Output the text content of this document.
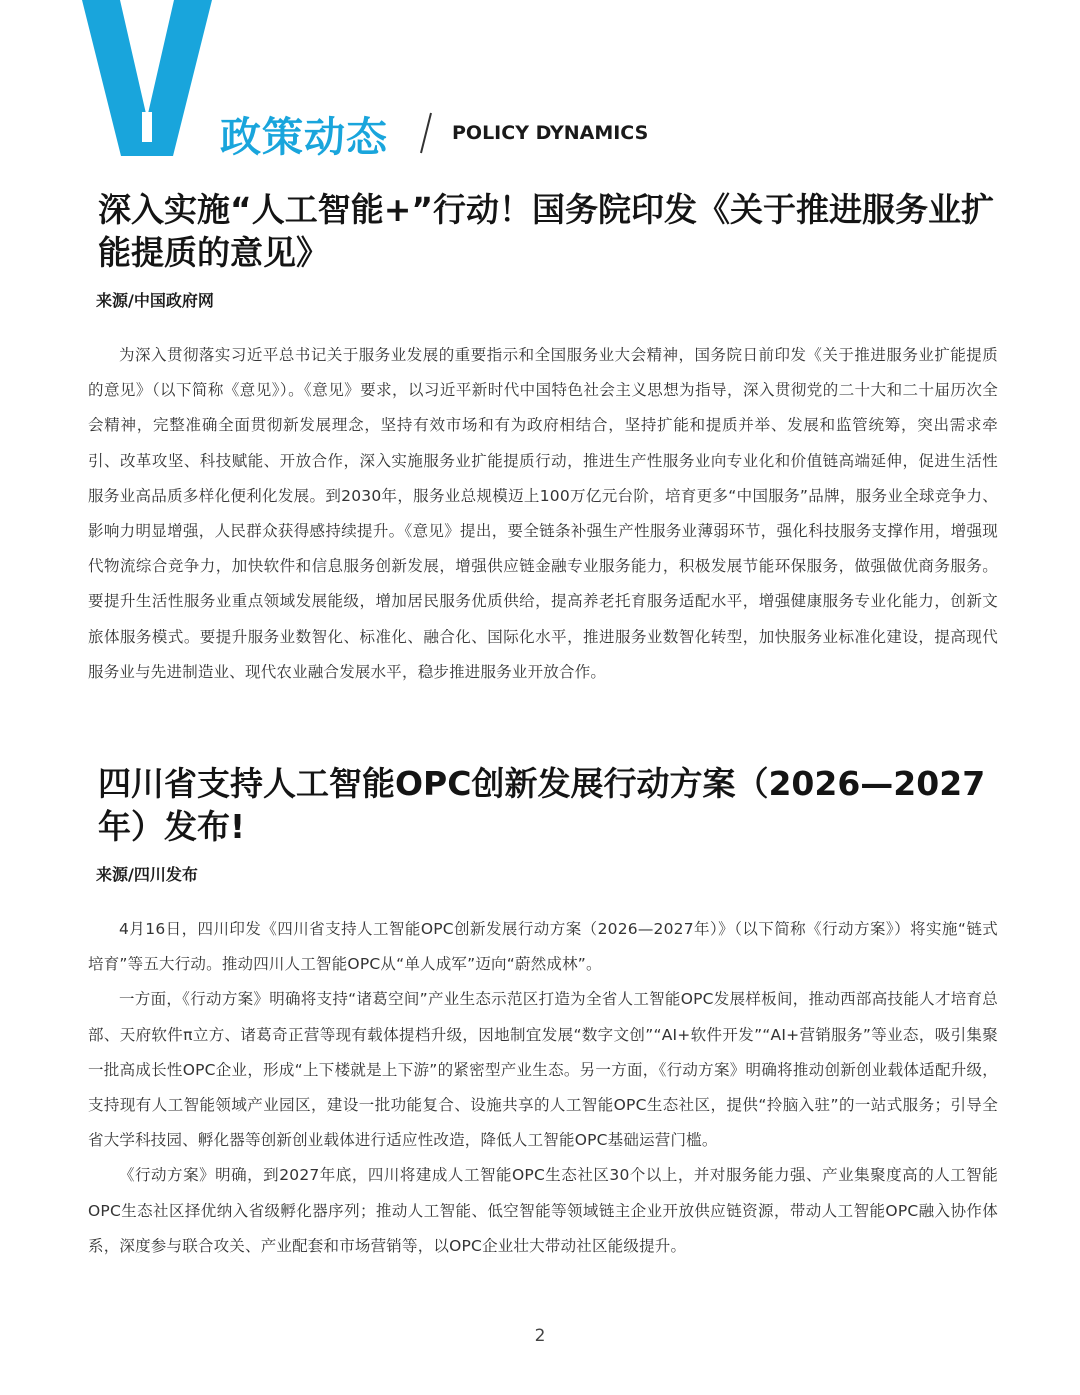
政策动态	POLICY DYNAMICS
深入实施“人工智能+”行动！国务院印发《关于推进服务业扩能提质的意见》
来源/中国政府网

为深入贯彻落实习近平总书记关于服务业发展的重要指示和全国服务业大会精神，国务院日前印发《关于推进服务业扩能提质的意见》（以下简称《意见》）。《意见》要求，以习近平新时代中国特色社会主义思想为指导，深入贯彻党的二十大和二十届历次全会精神，完整准确全面贯彻新发展理念，坚持有效市场和有为政府相结合，坚持扩能和提质并举、发展和监管统筹，突出需求牵引、改革攻坚、科技赋能、开放合作，深入实施服务业扩能提质行动，推进生产性服务业向专业化和价值链高端延伸，促进生活性服务业高品质多样化便利化发展。到2030年，服务业总规模迈上100万亿元台阶，培育更多“中国服务”品牌，服务业全球竞争力、影响力明显增强，人民群众获得感持续提升。《意见》提出，要全链条补强生产性服务业薄弱环节，强化科技服务支撑作用，增强现代物流综合竞争力，加快软件和信息服务创新发展，增强供应链金融专业服务能力，积极发展节能环保服务，做强做优商务服务。要提升生活性服务业重点领域发展能级，增加居民服务优质供给，提高养老托育服务适配水平，增强健康服务专业化能力，创新文旅体服务模式。要提升服务业数智化、标准化、融合化、国际化水平，推进服务业数智化转型，加快服务业标准化建设，提高现代服务业与先进制造业、现代农业融合发展水平，稳步推进服务业开放合作。

四川省支持人工智能OPC创新发展行动方案（2026—2027年）发布!
来源/四川发布

4月16日，四川印发《四川省支持人工智能OPC创新发展行动方案（2026—2027年）》（以下简称《行动方案》）将实施“链式培育”等五大行动。推动四川人工智能OPC从“单人成军”迈向“蔚然成林”。

一方面，《行动方案》明确将支持“诸葛空间”产业生态示范区打造为全省人工智能OPC发展样板间，推动西部高技能人才培育总部、天府软件π立方、诸葛奇正营等现有载体提档升级，因地制宜发展“数字文创”“AI+软件开发”“AI+营销服务”等业态，吸引集聚一批高成长性OPC企业，形成“上下楼就是上下游”的紧密型产业生态。另一方面，《行动方案》明确将推动创新创业载体适配升级，支持现有人工智能领域产业园区，建设一批功能复合、设施共享的人工智能OPC生态社区，提供“拎脑入驻”的一站式服务；引导全省大学科技园、孵化器等创新创业载体进行适应性改造，降低人工智能OPC基础运营门槛。

《行动方案》明确，到2027年底，四川将建成人工智能OPC生态社区30个以上，并对服务能力强、产业集聚度高的人工智能OPC生态社区择优纳入省级孵化器序列；推动人工智能、低空智能等领域链主企业开放供应链资源，带动人工智能OPC融入协作体系，深度参与联合攻关、产业配套和市场营销等，以OPC企业壮大带动社区能级提升。

2
